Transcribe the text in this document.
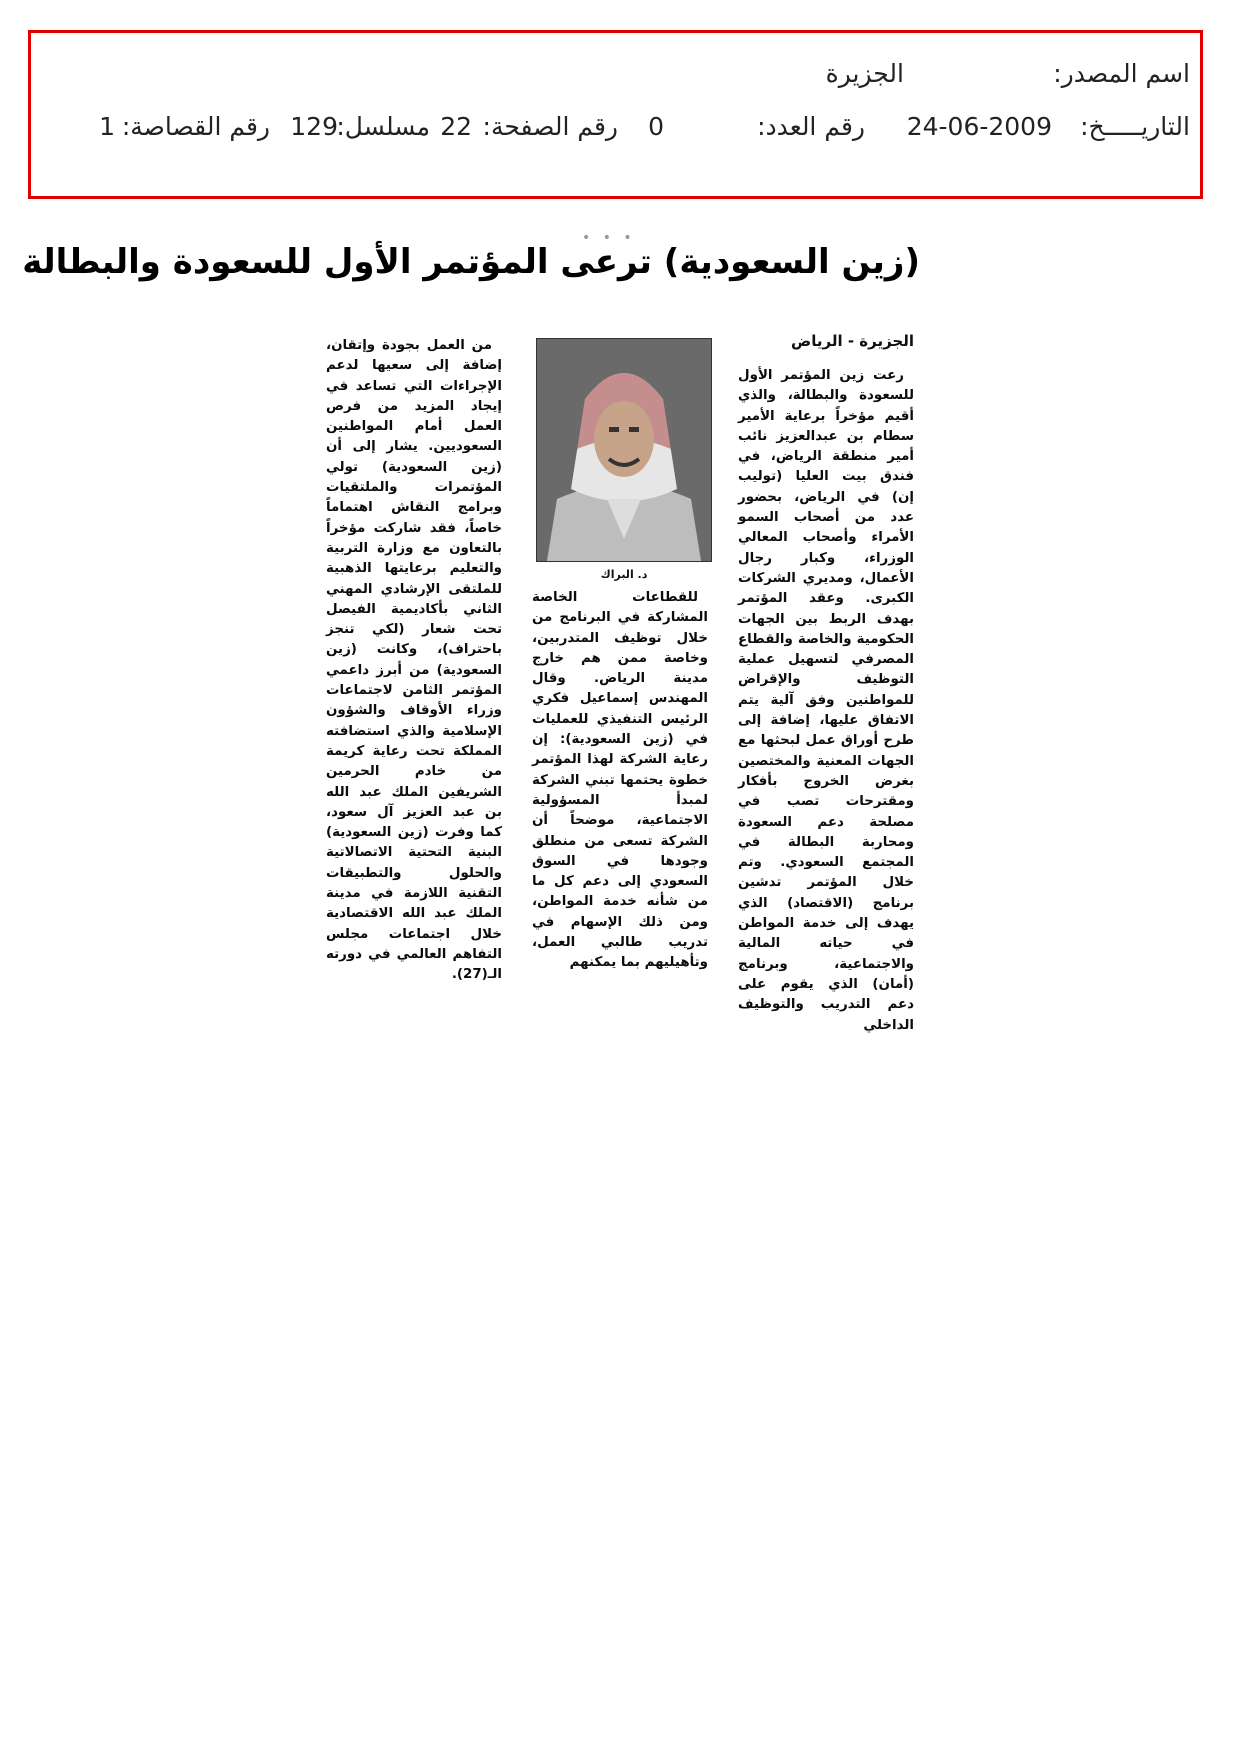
اسم المصدر:
الجزيرة
التاريـــــخ:
24-06-2009
رقم العدد:
0
رقم الصفحة:
22
مسلسل:
129
رقم القصاصة:
1
• • •
(زين السعودية) ترعى المؤتمر الأول للسعودة والبطالة
الجزيرة - الرياض

رعت زين المؤتمر الأول للسعودة والبطالة، والذي أقيم مؤخراً برعاية الأمير سطام بن عبدالعزيز نائب أمير منطقة الرياض، في فندق بيت العليا (توليب إن) في الرياض، بحضور عدد من أصحاب السمو الأمراء وأصحاب المعالي الوزراء، وكبار رجال الأعمال، ومديري الشركات الكبرى. وعقد المؤتمر بهدف الربط بين الجهات الحكومية والخاصة والقطاع المصرفي لتسهيل عملية التوظيف والإقراض للمواطنين وفق آلية يتم الاتفاق عليها، إضافة إلى طرح أوراق عمل لبحثها مع الجهات المعنية والمختصين بغرض الخروج بأفكار ومقترحات تصب في مصلحة دعم السعودة ومحاربة البطالة في المجتمع السعودي. وتم خلال المؤتمر تدشين برنامج (الاقتصاد) الذي يهدف إلى خدمة المواطن في حياته المالية والاجتماعية، وبرنامج (أمان) الذي يقوم على دعم التدريب والتوظيف الداخلي

د. البراك

للقطاعات الخاصة المشاركة في البرنامج من خلال توظيف المتدربين، وخاصة ممن هم خارج مدينة الرياض. وقال المهندس إسماعيل فكري الرئيس التنفيذي للعمليات في (زين السعودية): إن رعاية الشركة لهذا المؤتمر خطوة يحتمها تبني الشركة لمبدأ المسؤولية الاجتماعية، موضحاً أن الشركة تسعى من منطلق وجودها في السوق السعودي إلى دعم كل ما من شأنه خدمة المواطن، ومن ذلك الإسهام في تدريب طالبي العمل، وتأهيليهم بما يمكنهم

من العمل بجودة وإتقان، إضافة إلى سعيها لدعم الإجراءات التي تساعد في إيجاد المزيد من فرص العمل أمام المواطنين السعوديين. يشار إلى أن (زين السعودية) تولي المؤتمرات والملتقيات وبرامج النقاش اهتماماً خاصاً، فقد شاركت مؤخراً بالتعاون مع وزارة التربية والتعليم برعايتها الذهبية للملتقى الإرشادي المهني الثاني بأكاديمية الفيصل تحت شعار (لكي تنجز باحتراف)، وكانت (زين السعودية) من أبرز داعمي المؤتمر الثامن لاجتماعات وزراء الأوقاف والشؤون الإسلامية والذي استضافته المملكة تحت رعاية كريمة من خادم الحرمين الشريفين الملك عبد الله بن عبد العزيز آل سعود، كما وفرت (زين السعودية) البنية التحتية الاتصالاتية والحلول والتطبيقات التقنية اللازمة في مدينة الملك عبد الله الاقتصادية خلال اجتماعات مجلس التفاهم العالمي في دورته الـ(27).
